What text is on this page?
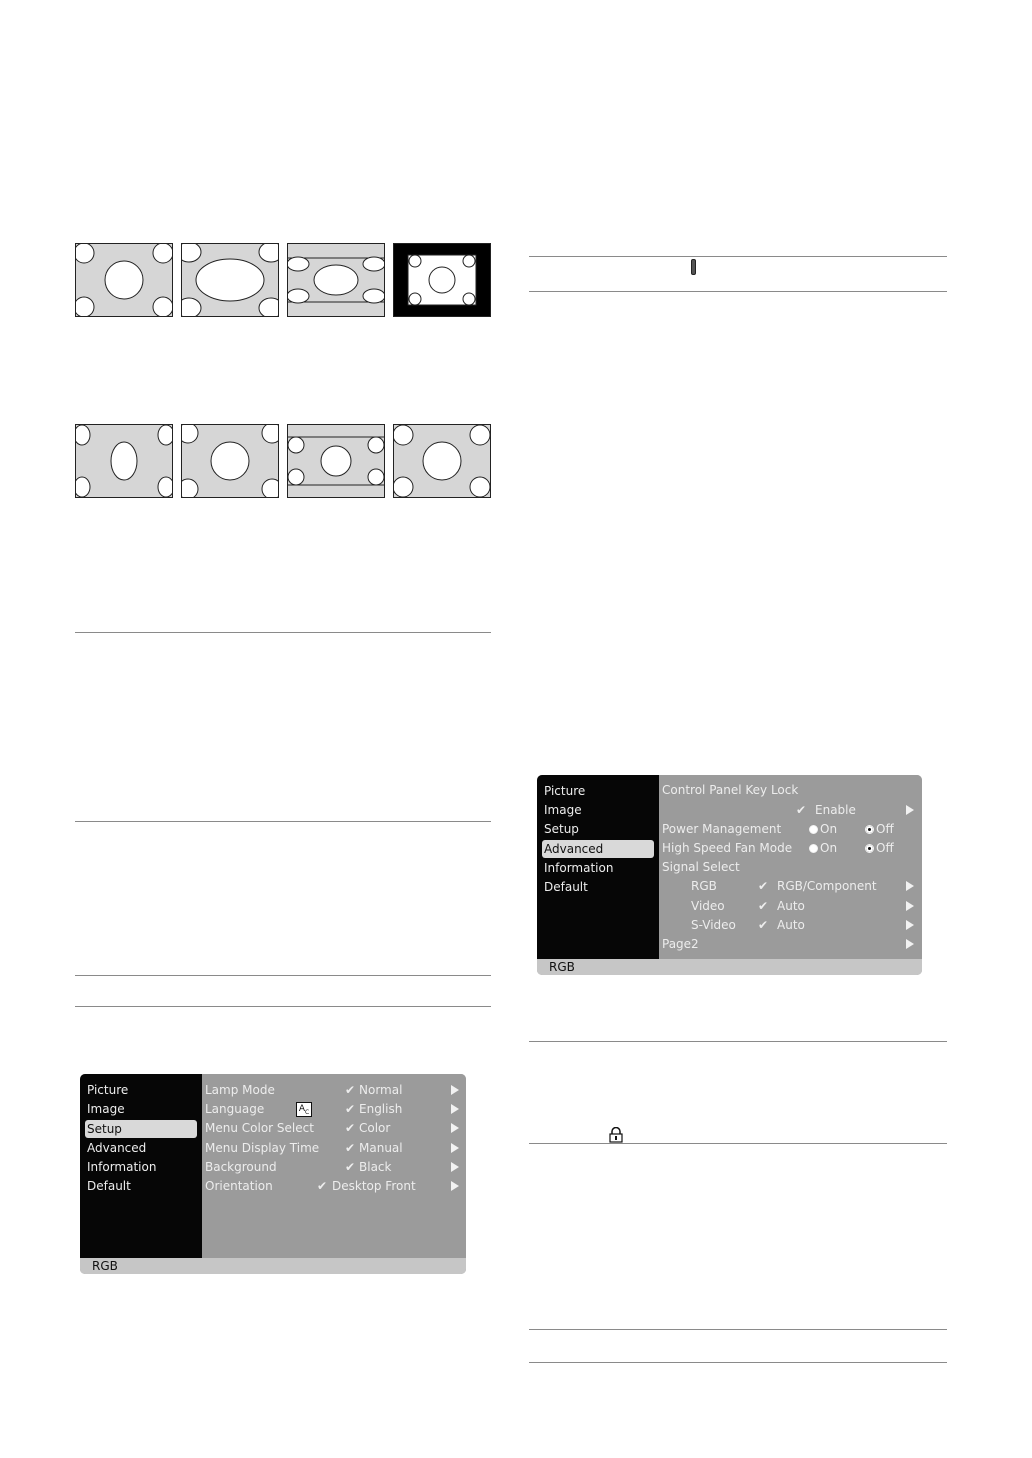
Picture
Image
Setup
Advanced
Information
Default
Lamp Mode	✔ Normal
Language	$A_C$	✔ English
Menu Color Select	✔ Color
Menu Display Time ✔ Manual
Background	✔ Black
Orientation	✔ Desktop Front
RGB
Picture
Image
Setup
Advanced
Information
Default
Control Panel Key Lock
✔ Enable
Power Management	On	Off
High Speed Fan Mode	On	Off
Signal Select
RGB	✔ RGB/Component
Video	✔ Auto
S-Video ✔ Auto
Page2
RGB
